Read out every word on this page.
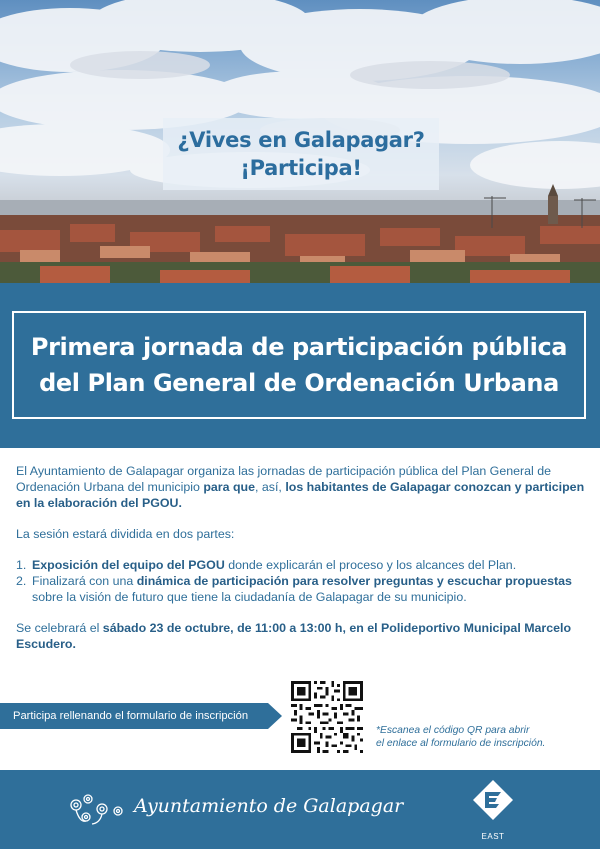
¿Vives en Galapagar?
¡Participa!
Primera jornada de participación pública
del Plan General de Ordenación Urbana

El Ayuntamiento de Galapagar organiza las jornadas de participación pública del Plan General de Ordenación Urbana del municipio para que, así, los habitantes de Galapagar conozcan y participen en la elaboración del PGOU.

La sesión estará dividida en dos partes:

1. Exposición del equipo del PGOU donde explicarán el proceso y los alcances del Plan.
2. Finalizará con una dinámica de participación para resolver preguntas y escuchar propuestas sobre la visión de futuro que tiene la ciudadanía de Galapagar de su municipio.

Se celebrará el sábado 23 de octubre, de 11:00 a 13:00 h, en el Polideportivo Municipal Marcelo Escudero.

Participa rellenando el formulario de inscripción
*Escanea el código QR para abrir
el enlace al formulario de inscripción.
Ayuntamiento de Galapagar
EAST
